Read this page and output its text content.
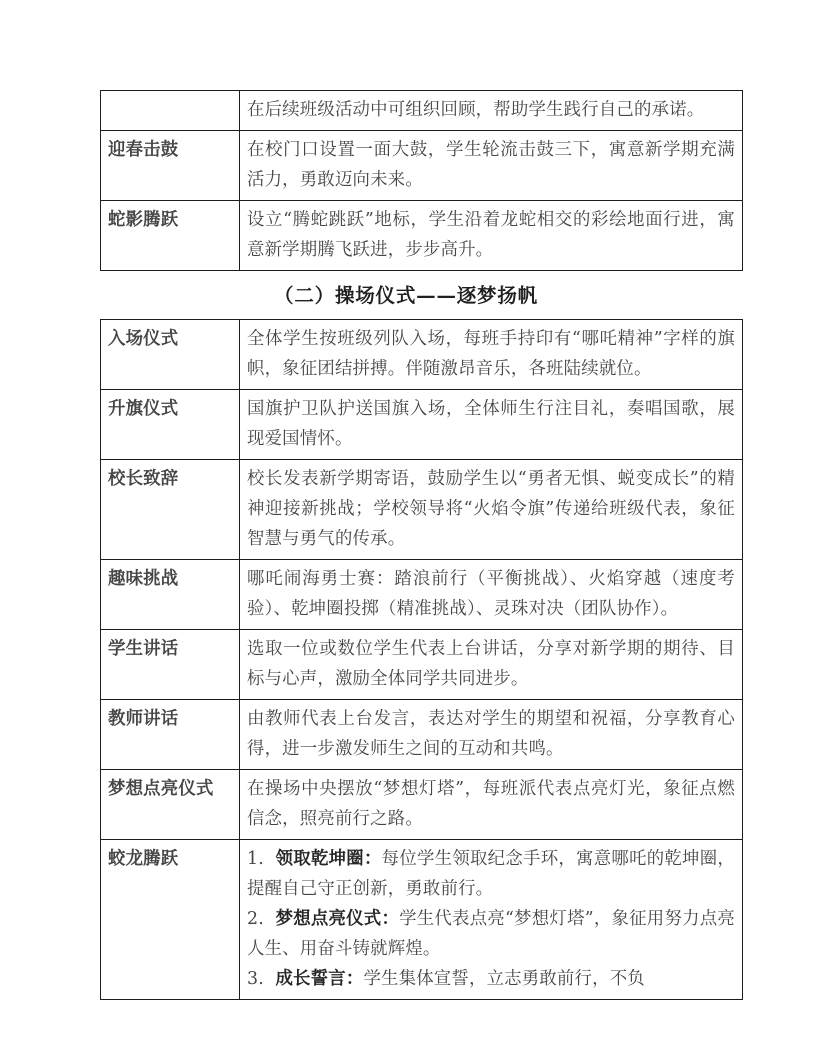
	在后续班级活动中可组织回顾，帮助学生践行自己的承诺。
迎春击鼓	在校门口设置一面大鼓，学生轮流击鼓三下，寓意新学期充满活力，勇敢迈向未来。
蛇影腾跃	设立“腾蛇跳跃”地标，学生沿着龙蛇相交的彩绘地面行进，寓意新学期腾飞跃进，步步高升。
（二）操场仪式——逐梦扬帆
入场仪式	全体学生按班级列队入场，每班手持印有“哪吒精神”字样的旗帜，象征团结拼搏。伴随激昂音乐，各班陆续就位。
升旗仪式	国旗护卫队护送国旗入场，全体师生行注目礼，奏唱国歌，展现爱国情怀。
校长致辞	校长发表新学期寄语，鼓励学生以“勇者无惧、蜕变成长”的精神迎接新挑战；学校领导将“火焰令旗”传递给班级代表，象征智慧与勇气的传承。
趣味挑战	哪吒闹海勇士赛：踏浪前行（平衡挑战）、火焰穿越（速度考验）、乾坤圈投掷（精准挑战）、灵珠对决（团队协作）。
学生讲话	选取一位或数位学生代表上台讲话，分享对新学期的期待、目标与心声，激励全体同学共同进步。
教师讲话	由教师代表上台发言，表达对学生的期望和祝福，分享教育心得，进一步激发师生之间的互动和共鸣。
梦想点亮仪式	在操场中央摆放“梦想灯塔”，每班派代表点亮灯光，象征点燃信念，照亮前行之路。
蛟龙腾跃	1. 领取乾坤圈：每位学生领取纪念手环，寓意哪吒的乾坤圈，提醒自己守正创新，勇敢前行。

2. 梦想点亮仪式：学生代表点亮“梦想灯塔”，象征用努力点亮人生、用奋斗铸就辉煌。

3. 成长誓言：学生集体宣誓，立志勇敢前行，不负
